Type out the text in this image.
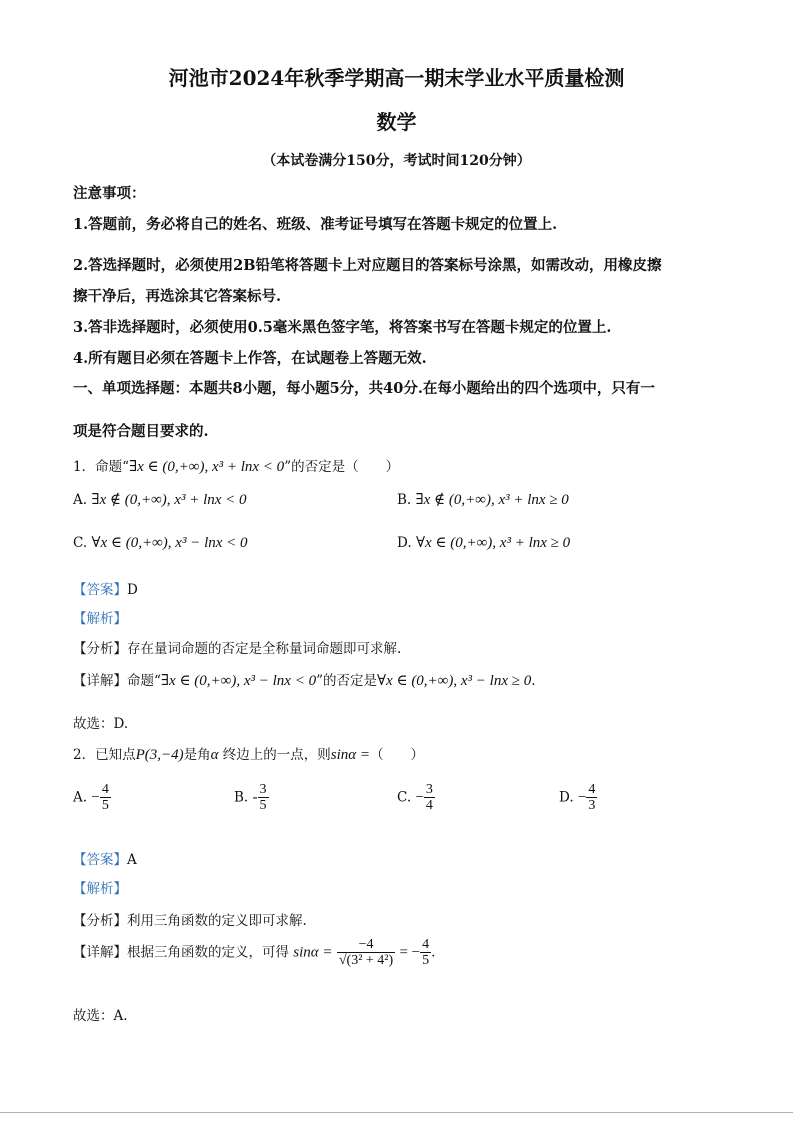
河池市2024年秋季学期高一期末学业水平质量检测
数学
（本试卷满分150分，考试时间120分钟）
注意事项：
1.答题前，务必将自己的姓名、班级、准考证号填写在答题卡规定的位置上.
2.答选择题时，必须使用2B铅笔将答题卡上对应题目的答案标号涂黑，如需改动，用橡皮擦
擦干净后，再选涂其它答案标号.
3.答非选择题时，必须使用0.5毫米黑色签字笔，将答案书写在答题卡规定的位置上.
4.所有题目必须在答题卡上作答，在试题卷上答题无效.
一、单项选择题：本题共8小题，每小题5分，共40分.在每小题给出的四个选项中，只有一
项是符合题目要求的.
1．命题“∃x ∈ (0,+∞), x³ + lnx < 0”的否定是（　　）
A. ∃x ∉ (0,+∞), x³ + lnx < 0	B. ∃x ∉ (0,+∞), x³ + lnx ≥ 0
C. ∀x ∈ (0,+∞), x³ − lnx < 0	D. ∀x ∈ (0,+∞), x³ + lnx ≥ 0
【答案】D
【解析】
【分析】存在量词命题的否定是全称量词命题即可求解.
【详解】命题“∃x ∈ (0,+∞), x³ − lnx < 0”的否定是∀x ∈ (0,+∞), x³ − lnx ≥ 0.
故选：D.
2．已知点P(3,−4)是角α 终边上的一点，则sinα =（　　）
A. − $\frac{4}{5}$	B. - $\frac{3}{5}$	C. − $\frac{3}{4}$	D. − $\frac{4}{3}$
【答案】A
【解析】
【分析】利用三角函数的定义即可求解.
【详解】根据三角函数的定义，可得 $\sin\alpha = \frac{-4}{\text{√(3² + 4²)}}$ = − $\frac{4}{5}$ .
故选：A.
